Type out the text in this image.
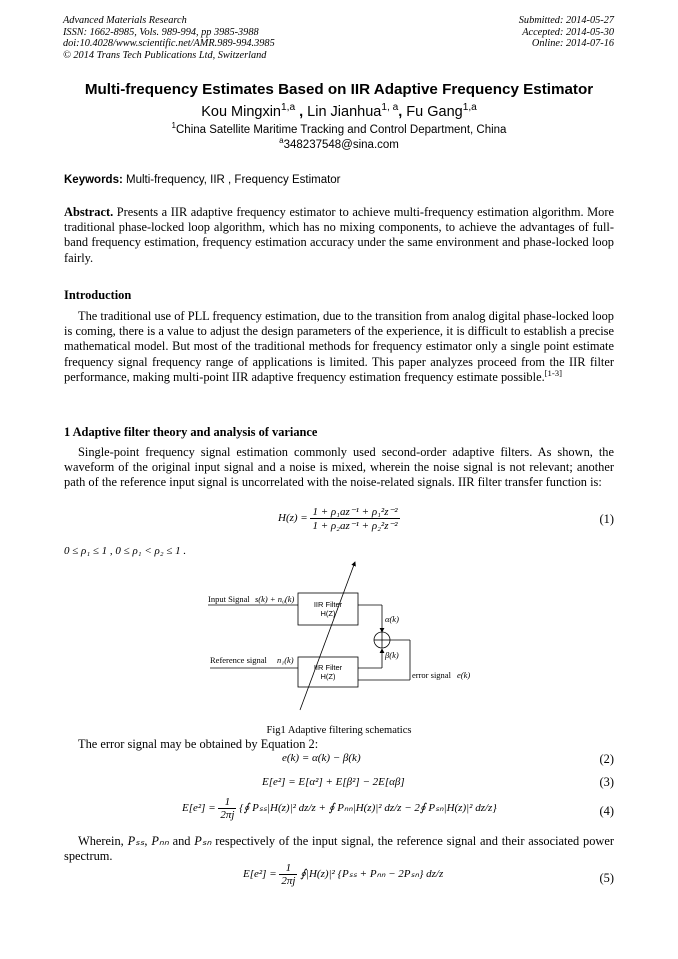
Advanced Materials Research
ISSN: 1662-8985, Vols. 989-994, pp 3985-3988
doi:10.4028/www.scientific.net/AMR.989-994.3985
© 2014 Trans Tech Publications Ltd, Switzerland
Submitted: 2014-05-27
Accepted: 2014-05-30
Online: 2014-07-16
Multi-frequency Estimates Based on IIR Adaptive Frequency Estimator
Kou Mingxin$^{1,a}$ , Lin Jianhua$^{1, a}$, Fu Gang$^{1,a}$
$^1$China Satellite Maritime Tracking and Control Department, China
$^a$348237548@sina.com
Keywords: Multi-frequency, IIR , Frequency Estimator
Abstract. Presents a IIR adaptive frequency estimator to achieve multi-frequency estimation algorithm. More traditional phase-locked loop algorithm, which has no mixing components, to achieve the advantages of full-band frequency estimation, frequency estimation accuracy under the same environment and phase-locked loop fairly.
Introduction
The traditional use of PLL frequency estimation, due to the transition from analog digital phase-locked loop is coming, there is a value to adjust the design parameters of the experience, it is difficult to establish a precise mathematical model. But most of the traditional methods for frequency estimator only a single point estimate frequency signal frequency range of applications is limited. This paper analyzes proceed from the IIR filter performance, making multi-point IIR adaptive frequency estimation frequency estimate possible.[1-3]
1 Adaptive filter theory and analysis of variance
Single-point frequency signal estimation commonly used second-order adaptive filters. As shown, the waveform of the original input signal and a noise is mixed, wherein the noise signal is not relevant; another path of the reference input signal is uncorrelated with the noise-related signals. IIR filter transfer function is:
$H(z) = \frac{\text{1 + ρ₁az⁻¹ + ρ₁²z⁻²}}{\text{1 + ρ₂az⁻¹ + ρ₂²z⁻²}}$	(1)
0 ≤ ρ₁ ≤ 1 , 0 ≤ ρ₁ < ρ₂ ≤ 1 .
Input Signal s(k) + n₀(k)
IIR Filter
H(Z)
α(k)
β(k)
Reference signal n₁(k)
IIR Filter
H(Z)	error signal e(k)
Fig1 Adaptive filtering schematics
The error signal may be obtained by Equation 2:
e(k) = α(k) − β(k)	(2)
E[e²] = E[α²] + E[β²] − 2E[αβ]	(3)
$E[e^2] = \frac{1}{2\pi j}$ {∮ Pₛₛ|H(z)|² dz/z + ∮ Pₙₙ|H(z)|² dz/z − 2∮ Pₛₙ|H(z)|² dz/z}	(4)
Wherein, Pₛₛ, Pₙₙ and Pₛₙ respectively of the input signal, the reference signal and their associated power spectrum.
$E[e^2] = \frac{1}{2\pi j}$ ∮|H(z)|² {Pₛₛ + Pₙₙ − 2Pₛₙ} dz/z	(5)
